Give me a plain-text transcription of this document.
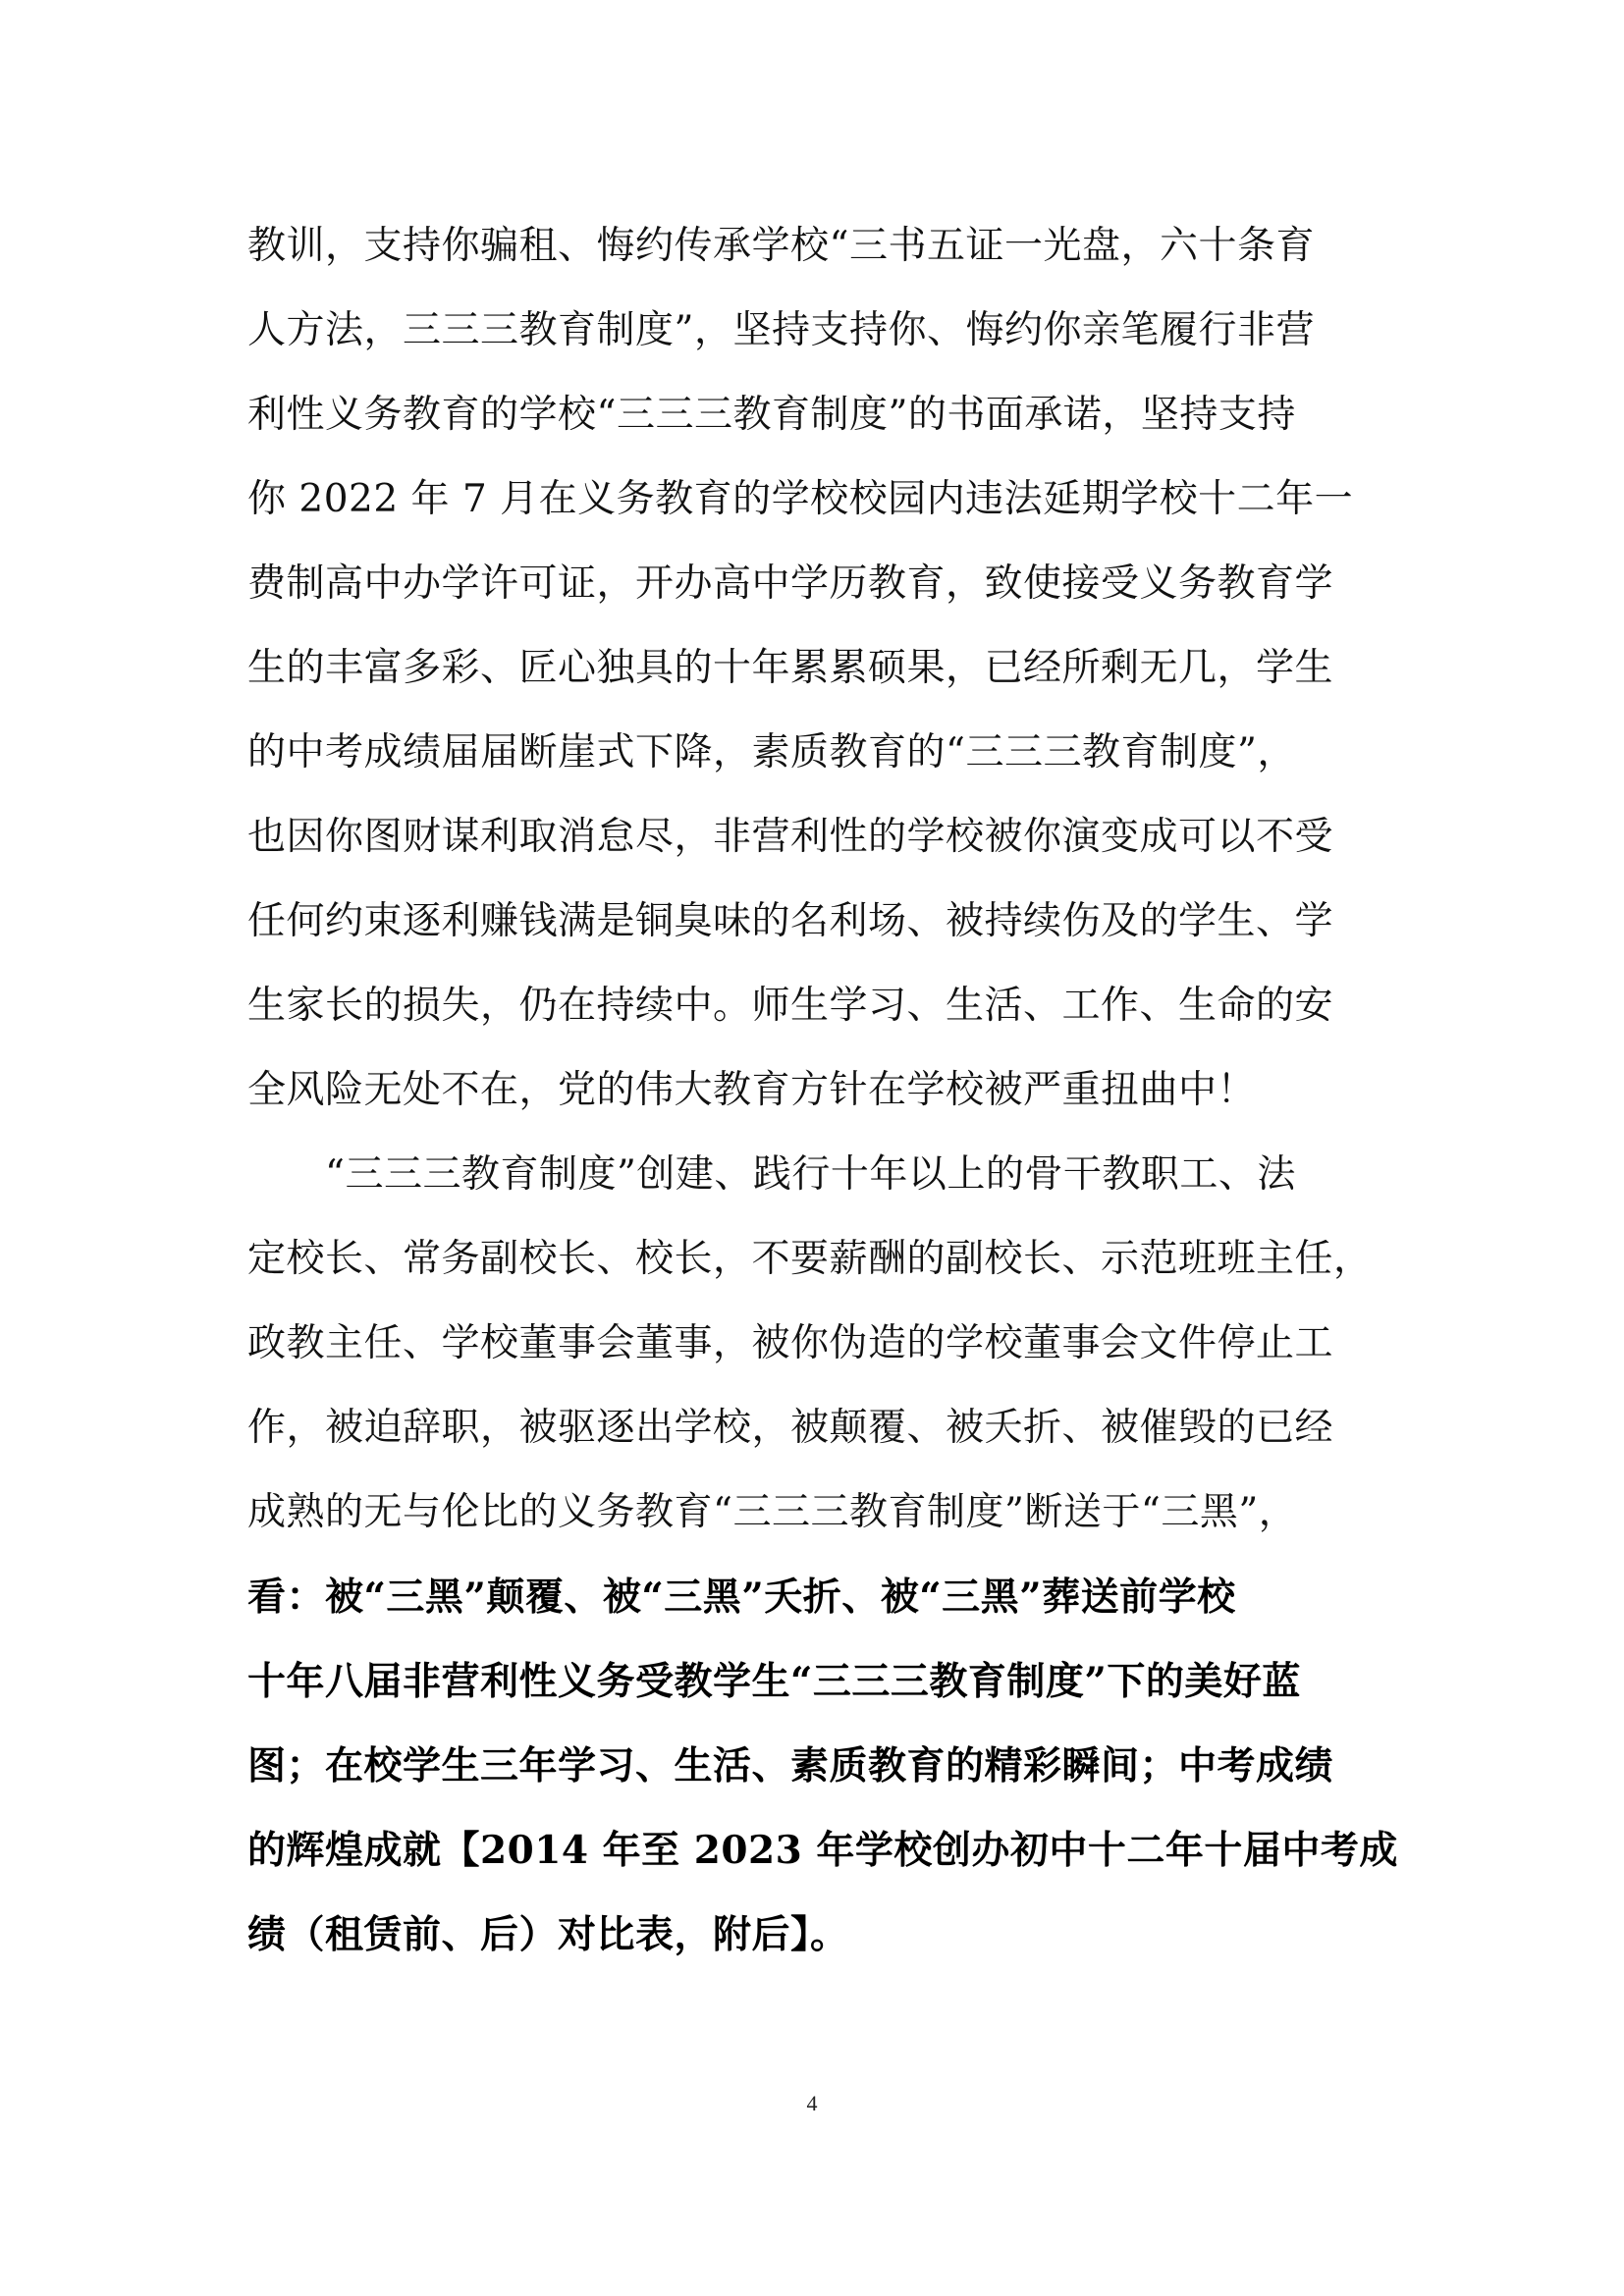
教训，支持你骗租、悔约传承学校“三书五证一光盘，六十条育
人方法，三三三教育制度”，坚持支持你、悔约你亲笔履行非营
利性义务教育的学校“三三三教育制度”的书面承诺，坚持支持
你 2022 年 7 月在义务教育的学校校园内违法延期学校十二年一
费制高中办学许可证，开办高中学历教育，致使接受义务教育学
生的丰富多彩、匠心独具的十年累累硕果，已经所剩无几，学生
的中考成绩届届断崖式下降，素质教育的“三三三教育制度”，
也因你图财谋利取消怠尽，非营利性的学校被你演变成可以不受
任何约束逐利赚钱满是铜臭味的名利场、被持续伤及的学生、学
生家长的损失，仍在持续中。师生学习、生活、工作、生命的安
全风险无处不在，党的伟大教育方针在学校被严重扭曲中！
　　“三三三教育制度”创建、践行十年以上的骨干教职工、法
定校长、常务副校长、校长，不要薪酬的副校长、示范班班主任，
政教主任、学校董事会董事，被你伪造的学校董事会文件停止工
作，被迫辞职，被驱逐出学校，被颠覆、被夭折、被催毁的已经
成熟的无与伦比的义务教育“三三三教育制度”断送于“三黑”，
看：被“三黑”颠覆、被“三黑”夭折、被“三黑”葬送前学校
十年八届非营利性义务受教学生“三三三教育制度”下的美好蓝
图；在校学生三年学习、生活、素质教育的精彩瞬间；中考成绩
的辉煌成就【2014 年至 2023 年学校创办初中十二年十届中考成
绩（租赁前、后）对比表，附后】。
4
